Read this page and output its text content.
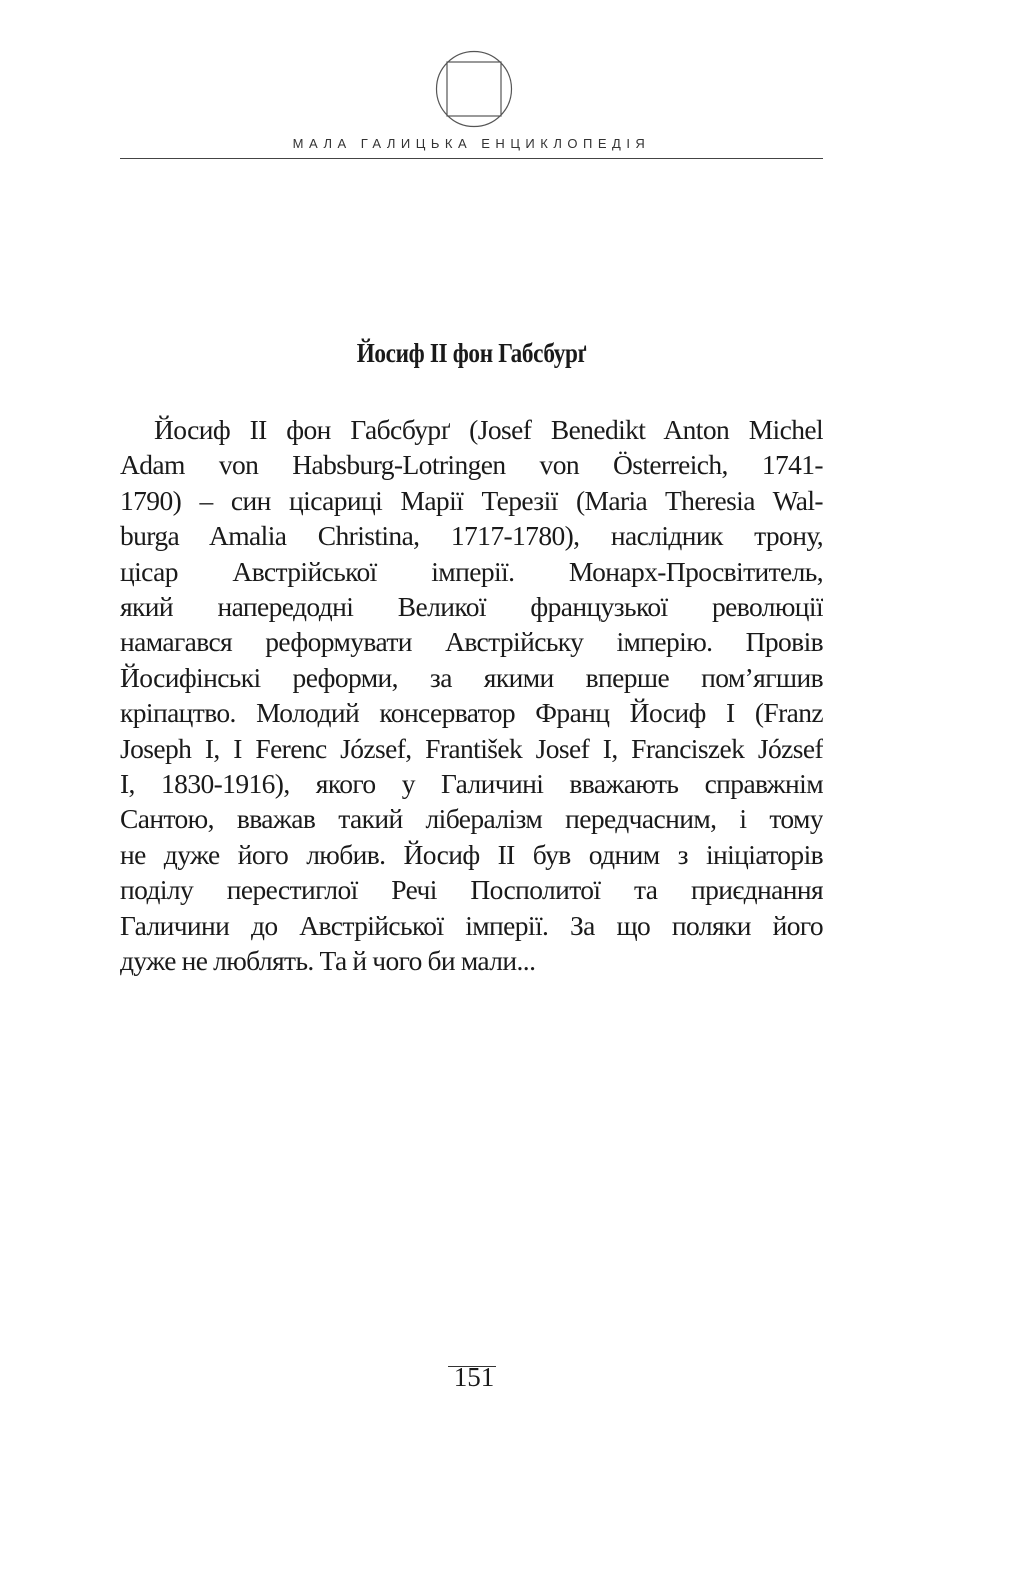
МАЛА ГАЛИЦЬКА ЕНЦИКЛОПЕДІЯ
Йосиф II фон Габсбурґ
Йосиф II фон Габсбурґ (Josef Benedikt Anton Michel
Adam von Habsburg-Lotringen von Österreich, 1741-
1790) – син цісариці Марії Терезії (Maria Theresia Wal-
burga Amalia Christina, 1717-1780), наслідник трону,
цісар Австрійської імперії. Монарх-Просвітитель,
який напередодні Великої французької революції
намагався реформувати Австрійську імперію. Провів
Йосифінські реформи, за якими вперше пом’ягшив
кріпацтво. Молодий консерватор Франц Йосиф I (Franz
Joseph I, I Ferenc József, František Josef I, Franciszek József
I, 1830-1916), якого у Галичині вважають справжнім
Сантою, вважав такий лібералізм передчасним, і тому
не дуже його любив. Йосиф II був одним з ініціаторів
поділу перестиглої Речі Посполитої та приєднання
Галичини до Австрійської імперії. За що поляки його
дуже не люблять. Та й чого би мали...
151
